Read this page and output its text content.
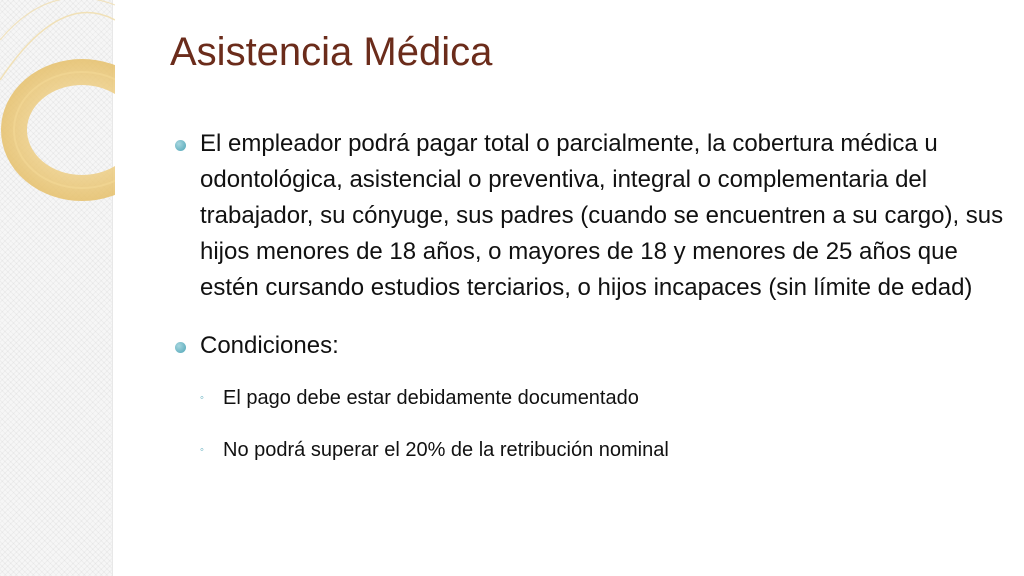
Asistencia Médica
El empleador podrá pagar total o parcialmente, la cobertura médica u odontológica, asistencial o preventiva, integral o complementaria del trabajador, su cónyuge, sus padres (cuando se encuentren a su cargo), sus hijos menores de 18 años, o mayores de 18 y menores de 25 años que estén cursando estudios terciarios, o hijos incapaces (sin límite de edad)
Condiciones:
◦ El pago debe estar debidamente documentado
◦ No podrá superar el 20% de la retribución nominal
